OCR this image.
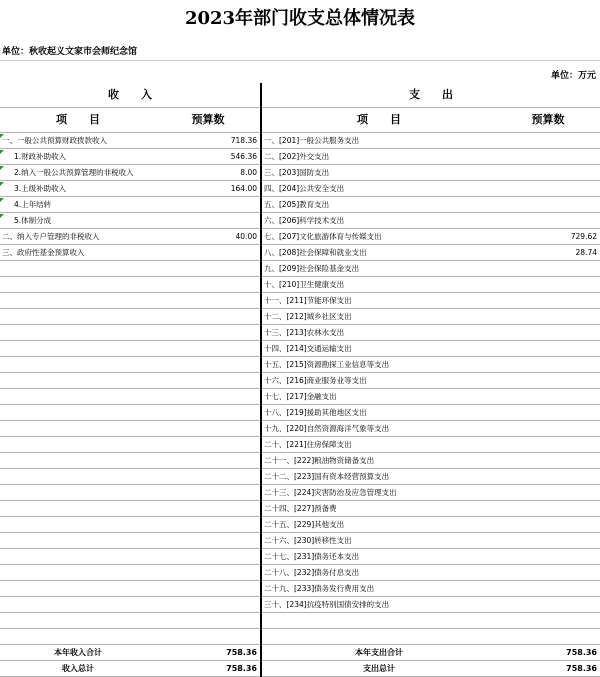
2023年部门收支总体情况表
单位：秋收起义文家市会师纪念馆
单位：万元
收　　入		支　　出	
项　　目	预算数	项　　目	预算数
一、一般公共预算财政拨款收入	718.36	一、[201]一般公共服务支出	
1.财政补助收入	546.36	二、[202]外交支出	
2.纳入一般公共预算管理的非税收入	8.00	三、[203]国防支出	
3.上级补助收入	164.00	四、[204]公共安全支出	
4.上年结转		五、[205]教育支出	
5.体制分成		六、[206]科学技术支出	
二、纳入专户管理的非税收入	40.00	七、[207]文化旅游体育与传媒支出	729.62
三、政府性基金预算收入		八、[208]社会保障和就业支出	28.74
		九、[209]社会保险基金支出	
		十、[210]卫生健康支出	
		十一、[211]节能环保支出	
		十二、[212]城乡社区支出	
		十三、[213]农林水支出	
		十四、[214]交通运输支出	
		十五、[215]资源勘探工业信息等支出	
		十六、[216]商业服务业等支出	
		十七、[217]金融支出	
		十八、[219]援助其他地区支出	
		十九、[220]自然资源海洋气象等支出	
		二十、[221]住房保障支出	
		二十一、[222]粮油物资储备支出	
		二十二、[223]国有资本经营预算支出	
		二十三、[224]灾害防治及应急管理支出	
		二十四、[227]预备费	
		二十五、[229]其他支出	
		二十六、[230]转移性支出	
		二十七、[231]债务还本支出	
		二十八、[232]债务付息支出	
		二十九、[233]债务发行费用支出	
		三十、[234]抗疫特别国债安排的支出	

本年收入合计	758.36	本年支出合计	758.36
收入总计	758.36	支出总计	758.36
